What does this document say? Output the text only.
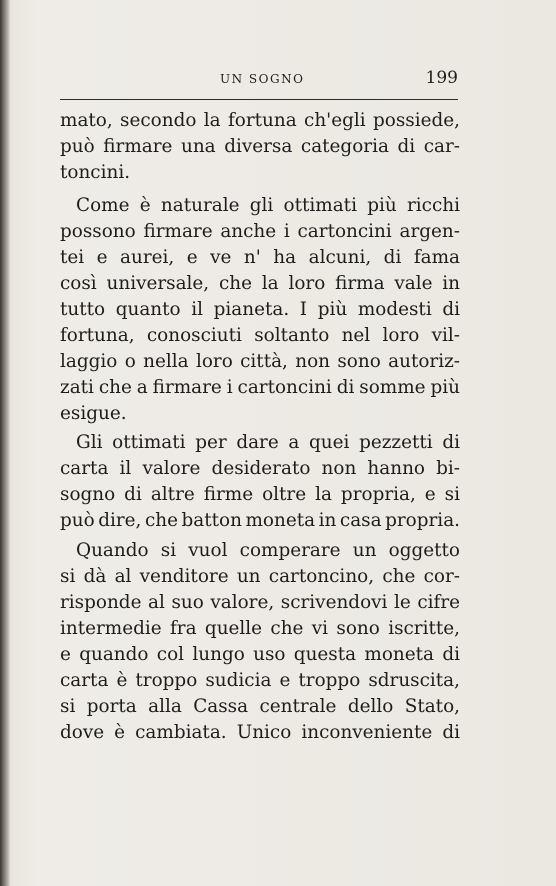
UN SOGNO	199
mato, secondo la fortuna ch'egli possiede,
può firmare una diversa categoria di car-
toncini.
Come è naturale gli ottimati più ricchi
possono firmare anche i cartoncini argen-
tei e aurei, e ve n' ha alcuni, di fama
così universale, che la loro firma vale in
tutto quanto il pianeta. I più modesti di
fortuna, conosciuti soltanto nel loro vil-
laggio o nella loro città, non sono autoriz-
zati che a firmare i cartoncini di somme più
esigue.
Gli ottimati per dare a quei pezzetti di
carta il valore desiderato non hanno bi-
sogno di altre firme oltre la propria, e si
può dire, che batton moneta in casa propria.
Quando si vuol comperare un oggetto
si dà al venditore un cartoncino, che cor-
risponde al suo valore, scrivendovi le cifre
intermedie fra quelle che vi sono iscritte,
e quando col lungo uso questa moneta di
carta è troppo sudicia e troppo sdruscita,
si porta alla Cassa centrale dello Stato,
dove è cambiata. Unico inconveniente di
